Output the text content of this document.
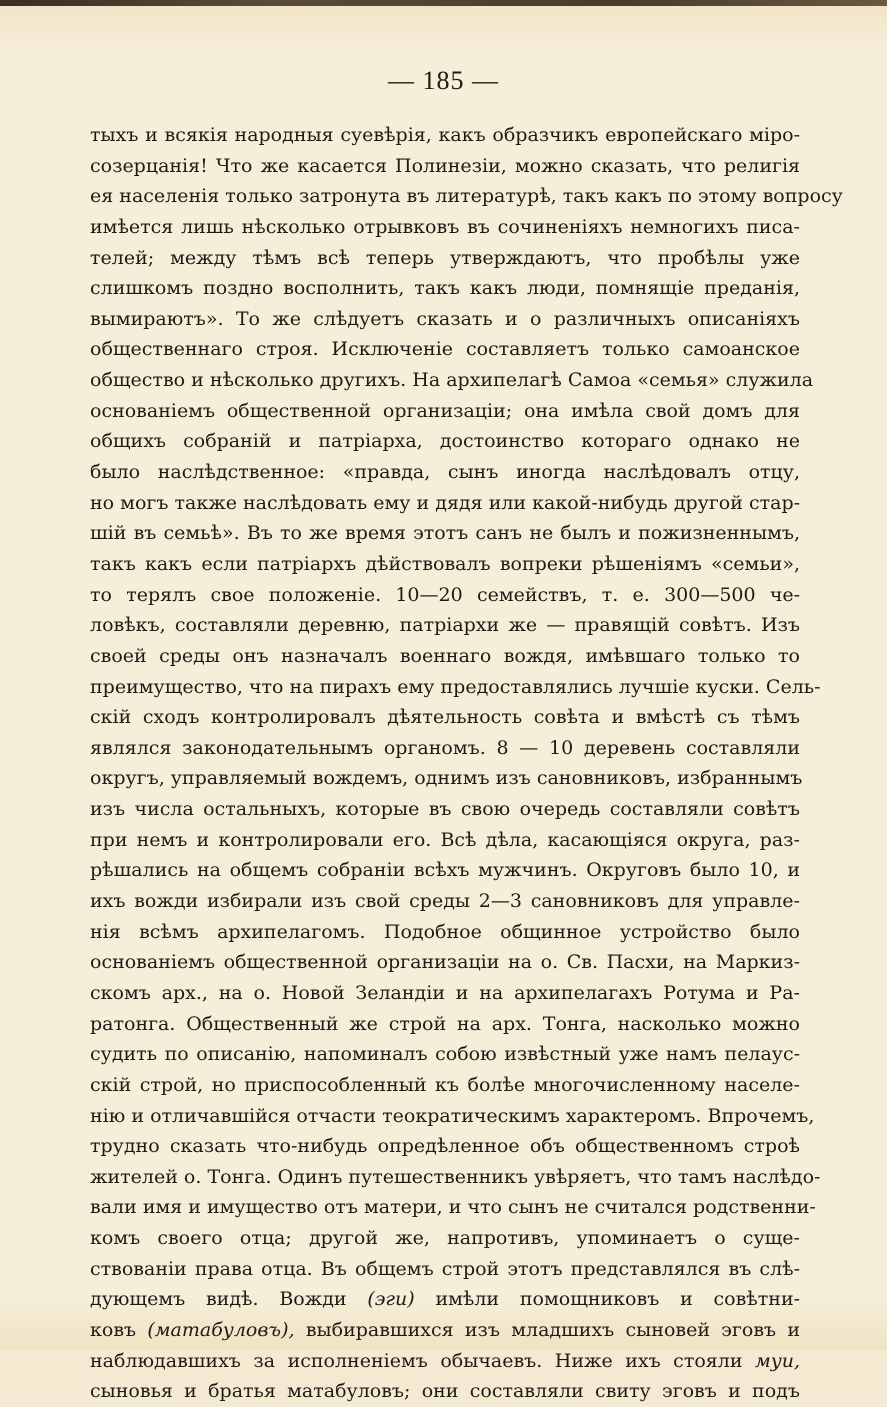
— 185 —
тыхъ и всякія народныя суевѣрія, какъ образчикъ европейскаго міро-
созерцанія! Что же касается Полинезіи, можно сказать, что религія
ея населенія только затронута въ литературѣ, такъ какъ по этому вопросу
имѣется лишь нѣсколько отрывковъ въ сочиненіяхъ немногихъ писа-
телей; между тѣмъ всѣ теперь утверждаютъ, что пробѣлы уже
слишкомъ поздно восполнить, такъ какъ люди, помнящіе преданія,
вымираютъ». То же слѣдуетъ сказать и о различныхъ описаніяхъ
общественнаго строя. Исключеніе составляетъ только самоанское
общество и нѣсколько другихъ. На архипелагѣ Самоа «семья» служила
основаніемъ общественной организаціи; она имѣла свой домъ для
общихъ собраній и патріарха, достоинство котораго однако не
было наслѣдственное: «правда, сынъ иногда наслѣдовалъ отцу,
но могъ также наслѣдовать ему и дядя или какой-нибудь другой стар-
шій въ семьѣ». Въ то же время этотъ санъ не былъ и пожизненнымъ,
такъ какъ если патріархъ дѣйствовалъ вопреки рѣшеніямъ «семьи»,
то терялъ свое положеніе. 10—20 семействъ, т. е. 300—500 че-
ловѣкъ, составляли деревню, патріархи же — правящій совѣтъ. Изъ
своей среды онъ назначалъ военнаго вождя, имѣвшаго только то
преимущество, что на пирахъ ему предоставлялись лучшіе куски. Сель-
скій сходъ контролировалъ дѣятельность совѣта и вмѣстѣ съ тѣмъ
являлся законодательнымъ органомъ. 8 — 10 деревень составляли
округъ, управляемый вождемъ, однимъ изъ сановниковъ, избраннымъ
изъ числа остальныхъ, которые въ свою очередь составляли совѣтъ
при немъ и контролировали его. Всѣ дѣла, касающіяся округа, раз-
рѣшались на общемъ собраніи всѣхъ мужчинъ. Округовъ было 10, и
ихъ вожди избирали изъ свой среды 2—3 сановниковъ для управле-
нія всѣмъ архипелагомъ. Подобное общинное устройство было
основаніемъ общественной организаціи на о. Св. Пасхи, на Маркиз-
скомъ арх., на о. Новой Зеландіи и на архипелагахъ Ротума и Ра-
ратонга. Общественный же строй на арх. Тонга, насколько можно
судить по описанію, напоминалъ собою извѣстный уже намъ пелаус-
скій строй, но приспособленный къ болѣе многочисленному населе-
нію и отличавшійся отчасти теократическимъ характеромъ. Впрочемъ,
трудно сказать что-нибудь опредѣленное объ общественномъ строѣ
жителей о. Тонга. Одинъ путешественникъ увѣряетъ, что тамъ наслѣдо-
вали имя и имущество отъ матери, и что сынъ не считался родственни-
комъ своего отца; другой же, напротивъ, упоминаетъ о суще-
ствованіи права отца. Въ общемъ строй этотъ представлялся въ слѣ-
дующемъ видѣ. Вожди (эги) имѣли помощниковъ и совѣтни-
ковъ (матабуловъ), выбиравшихся изъ младшихъ сыновей эговъ и
наблюдавшихъ за исполненіемъ обычаевъ. Ниже ихъ стояли муи,
сыновья и братья матабуловъ; они составляли свиту эговъ и подъ
